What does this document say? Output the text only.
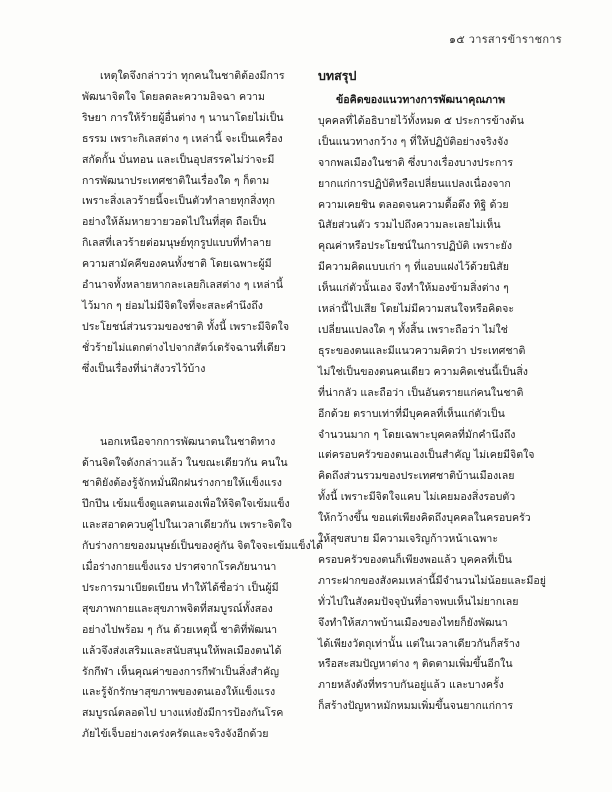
๑๕ วารสารข้าราชการ

เหตุใดจึงกล่าวว่า ทุกคนในชาติต้องมีการ
พัฒนาจิตใจ โดยลดละความอิจฉา ความ
ริษยา การให้ร้ายผู้อื่นต่าง ๆ นานาโดยไม่เป็น
ธรรม เพราะกิเลสต่าง ๆ เหล่านี้ จะเป็นเครื่อง
สกัดกั้น บั่นทอน และเป็นอุปสรรคไม่ว่าจะมี
การพัฒนาประเทศชาติในเรื่องใด ๆ ก็ตาม
เพราะสิ่งเลวร้ายนี้จะเป็นตัวทำลายทุกสิ่งทุก
อย่างให้ล้มหายวายวอดไปในที่สุด ถือเป็น
กิเลสที่เลวร้ายต่อมนุษย์ทุกรูปแบบที่ทำลาย
ความสามัคคีของคนทั้งชาติ โดยเฉพาะผู้มี
อำนาจทั้งหลายหากละเลยกิเลสต่าง ๆ เหล่านี้
ไว้มาก ๆ ย่อมไม่มีจิตใจที่จะสละคำนึงถึง
ประโยชน์ส่วนรวมของชาติ ทั้งนี้ เพราะมีจิตใจ
ชั่วร้ายไม่แตกต่างไปจากสัตว์เดรัจฉานที่เดียว
ซึ่งเป็นเรื่องที่น่าสังวรไว้บ้าง

นอกเหนือจากการพัฒนาตนในชาติทาง
ด้านจิตใจดังกล่าวแล้ว ในขณะเดียวกัน คนใน
ชาติยังต้องรู้จักหมั่นฝึกฝนร่างกายให้แข็งแรง
ปึกปึน เข้มแข็งดูแลตนเองเพื่อให้จิตใจเข้มแข็ง
และสอาดควบคู่ไปในเวลาเดียวกัน เพราะจิตใจ
กับร่างกายของมนุษย์เป็นของคู่กัน จิตใจจะเข้มแข็งได้
เมื่อร่างกายแข็งแรง ปราศจากโรคภัยนานา
ประการมาเบียดเบียน ทำให้ได้ชื่อว่า เป็นผู้มี
สุขภาพกายและสุขภาพจิตที่สมบูรณ์ทั้งสอง
อย่างไปพร้อม ๆ กัน ด้วยเหตุนี้ ชาติที่พัฒนา
แล้วจึงส่งเสริมและสนับสนุนให้พลเมืองตนได้
รักกีฬา เห็นคุณค่าของการกีฬาเป็นสิ่งสำคัญ
และรู้จักรักษาสุขภาพของตนเองให้แข็งแรง
สมบูรณ์ตลอดไป บางแห่งยังมีการป้องกันโรค
ภัยไข้เจ็บอย่างเคร่งครัดและจริงจังอีกด้วย

บทสรุป

ข้อคิดของแนวทางการพัฒนาคุณภาพ
บุคคลที่ได้อธิบายไว้ทั้งหมด ๕ ประการข้างต้น
เป็นแนวทางกว้าง ๆ ที่ให้ปฏิบัติอย่างจริงจัง
จากพลเมืองในชาติ ซึ่งบางเรื่องบางประการ
ยากแก่การปฏิบัติหรือเปลี่ยนแปลงเนื่องจาก
ความเคยชิน ตลอดจนความดื้อดึง ทิฐิ ด้วย
นิสัยส่วนตัว รวมไปถึงความละเลยไม่เห็น
คุณค่าหรือประโยชน์ในการปฏิบัติ เพราะยัง
มีความคิดแบบเก่า ๆ ที่แอบแฝงไว้ด้วยนิสัย
เห็นแก่ตัวนั้นเอง จึงทำให้มองข้ามสิ่งต่าง ๆ
เหล่านี้ไปเสีย โดยไม่มีความสนใจหรือคิดจะ
เปลี่ยนแปลงใด ๆ ทั้งสิ้น เพราะถือว่า ไม่ใช่
ธุระของตนและมีแนวความคิดว่า ประเทศชาติ
ไม่ใช่เป็นของตนคนเดียว ความคิดเช่นนี้เป็นสิ่ง
ที่น่ากลัว และถือว่า เป็นอันตรายแก่คนในชาติ
อีกด้วย ตราบเท่าที่มีบุคคลที่เห็นแก่ตัวเป็น
จำนวนมาก ๆ โดยเฉพาะบุคคลที่มักคำนึงถึง
แต่ครอบครัวของตนเองเป็นสำคัญ ไม่เคยมีจิตใจ
คิดถึงส่วนรวมของประเทศชาติบ้านเมืองเลย
ทั้งนี้ เพราะมีจิตใจแคบ ไม่เคยมองสิ่งรอบตัว
ให้กว้างขึ้น ขอแต่เพียงคิดถึงบุคคลในครอบครัว
ให้สุขสบาย มีความเจริญก้าวหน้าเฉพาะ
ครอบครัวของตนก็เพียงพอแล้ว บุคคลที่เป็น
ภาระฝากของสังคมเหล่านี้มีจำนวนไม่น้อยและมีอยู่
ทั่วไปในสังคมปัจจุบันที่อาจพบเห็นไม่ยากเลย
จึงทำให้สภาพบ้านเมืองของไทยก็ยังพัฒนา
ได้เพียงวัตถุเท่านั้น แต่ในเวลาเดียวกันก็สร้าง
หรือสะสมปัญหาต่าง ๆ ติดตามเพิ่มขึ้นอีกใน
ภายหลังดังที่ทราบกันอยู่แล้ว และบางครั้ง
ก็สร้างปัญหาหมักหมมเพิ่มขึ้นจนยากแก่การ
